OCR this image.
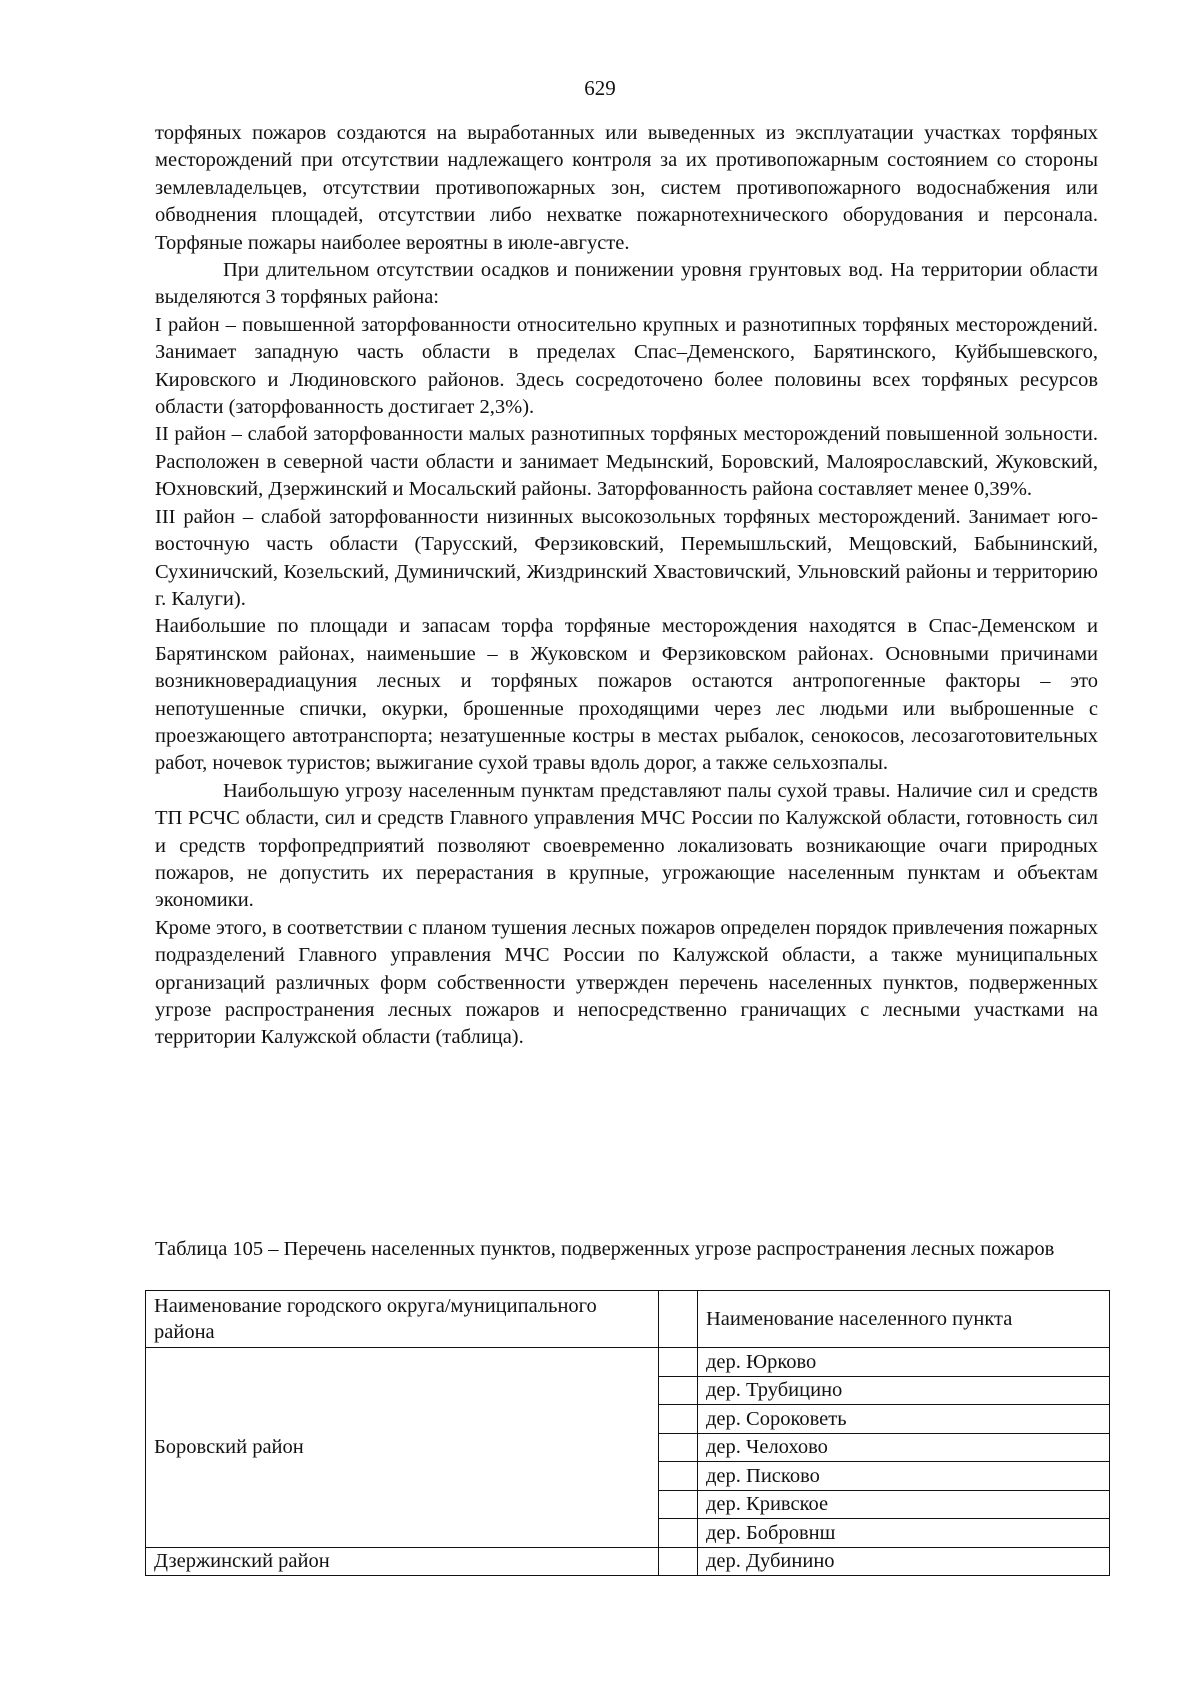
629

торфяных пожаров создаются на выработанных или выведенных из эксплуатации участках торфяных месторождений при отсутствии надлежащего контроля за их противопожарным состоянием со стороны землевладельцев, отсутствии противопожарных зон, систем противопожарного водоснабжения или обводнения площадей, отсутствии либо нехватке пожарнотехнического оборудования и персонала. Торфяные пожары наиболее вероятны в июле-августе.

При длительном отсутствии осадков и понижении уровня грунтовых вод. На территории области выделяются 3 торфяных района:

I район – повышенной заторфованности относительно крупных и разнотипных торфяных месторождений. Занимает западную часть области в пределах Спас–Деменского, Барятинского, Куйбышевского, Кировского и Людиновского районов. Здесь сосредоточено более половины всех торфяных ресурсов области (заторфованность достигает 2,3%).

II район – слабой заторфованности малых разнотипных торфяных месторождений повышенной зольности. Расположен в северной части области и занимает Медынский, Боровский, Малоярославский, Жуковский, Юхновский, Дзержинский и Мосальский районы. Заторфованность района составляет менее 0,39%.

III район – слабой заторфованности низинных высокозольных торфяных месторождений. Занимает юго-восточную часть области (Тарусский, Ферзиковский, Перемышльский, Мещовский, Бабынинский, Сухиничский, Козельский, Думиничский, Жиздринский Хвастовичский, Ульновский районы и территорию г. Калуги).

Наибольшие по площади и запасам торфа торфяные месторождения находятся в Спас-Деменском и Барятинском районах, наименьшие – в Жуковском и Ферзиковском районах. Основными причинами возникноверадиацуния лесных и торфяных пожаров остаются антропогенные факторы – это непотушенные спички, окурки, брошенные проходящими через лес людьми или выброшенные с проезжающего автотранспорта; незатушенные костры в местах рыбалок, сенокосов, лесозаготовительных работ, ночевок туристов; выжигание сухой травы вдоль дорог, а также сельхозпалы.

Наибольшую угрозу населенным пунктам представляют палы сухой травы. Наличие сил и средств ТП РСЧС области, сил и средств Главного управления МЧС России по Калужской области, готовность сил и средств торфопредприятий позволяют своевременно локализовать возникающие очаги природных пожаров, не допустить их перерастания в крупные, угрожающие населенным пунктам и объектам экономики.

Кроме этого, в соответствии с планом тушения лесных пожаров определен порядок привлечения пожарных подразделений Главного управления МЧС России по Калужской области, а также муниципальных организаций различных форм собственности утвержден перечень населенных пунктов, подверженных угрозе распространения лесных пожаров и непосредственно граничащих с лесными участками на территории Калужской области (таблица).

Таблица 105 – Перечень населенных пунктов, подверженных угрозе распространения лесных пожаров
Наименование городского округа/муниципального района		Наименование населенного пункта
Боровский район		дер. Юрково
		дер. Трубицино
		дер. Сороковеть
		дер. Челохово
		дер. Писково
		дер. Кривское
		дер. Бобровнш
Дзержинский район		дер. Дубинино
